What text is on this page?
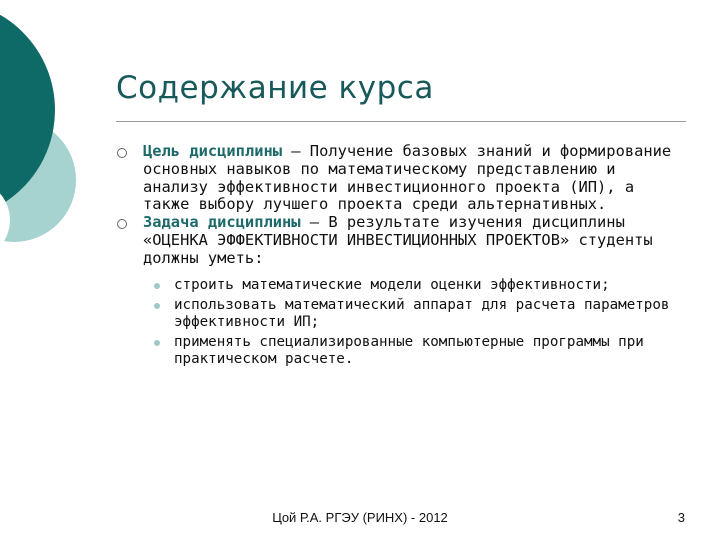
Содержание курса
Цель дисциплины – Получение базовых знаний и формирование основных навыков по математическому представлению и анализу эффективности инвестиционного проекта (ИП), а также выбору лучшего проекта среди альтернативных.
Задача дисциплины – В результате изучения дисциплины «ОЦЕНКА ЭФФЕКТИВНОСТИ ИНВЕСТИЦИОННЫХ ПРОЕКТОВ» студенты должны уметь:
строить математические модели оценки эффективности;
использовать математический аппарат для расчета параметров эффективности ИП;
применять специализированные компьютерные программы при практическом расчете.
Цой Р.А. РГЭУ (РИНХ) - 2012	3
